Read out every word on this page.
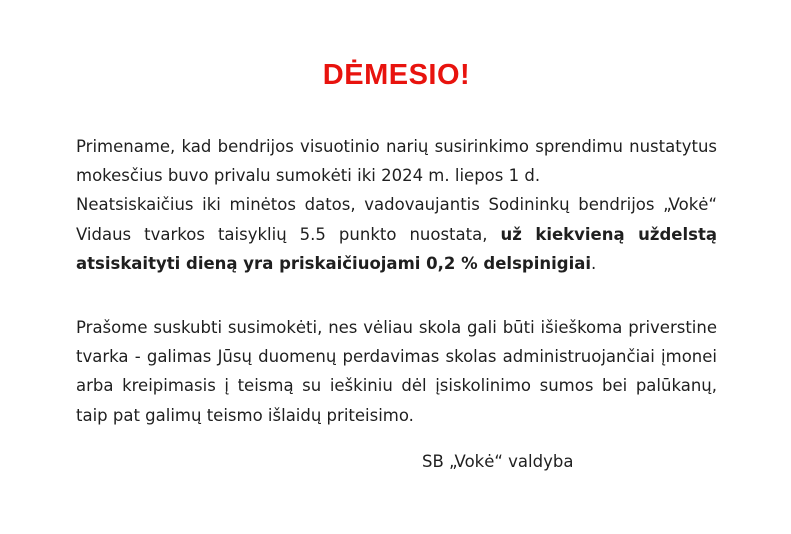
DĖMESIO!

Primename, kad bendrijos visuotinio narių susirinkimo sprendimu nustatytus mokesčius buvo privalu sumokėti iki 2024 m. liepos 1 d.
Neatsiskaičius iki minėtos datos, vadovaujantis Sodininkų bendrijos „Vokė“ Vidaus tvarkos taisyklių 5.5 punkto nuostata, už kiekvieną uždelstą atsiskaityti dieną yra priskaičiuojami 0,2 % delspinigiai.

Prašome suskubti susimokėti, nes vėliau skola gali būti išieškoma priverstine tvarka - galimas Jūsų duomenų perdavimas skolas administruojančiai įmonei arba kreipimasis į teismą su ieškiniu dėl įsiskolinimo sumos bei palūkanų, taip pat galimų teismo išlaidų priteisimo.

SB „Vokė“ valdyba
